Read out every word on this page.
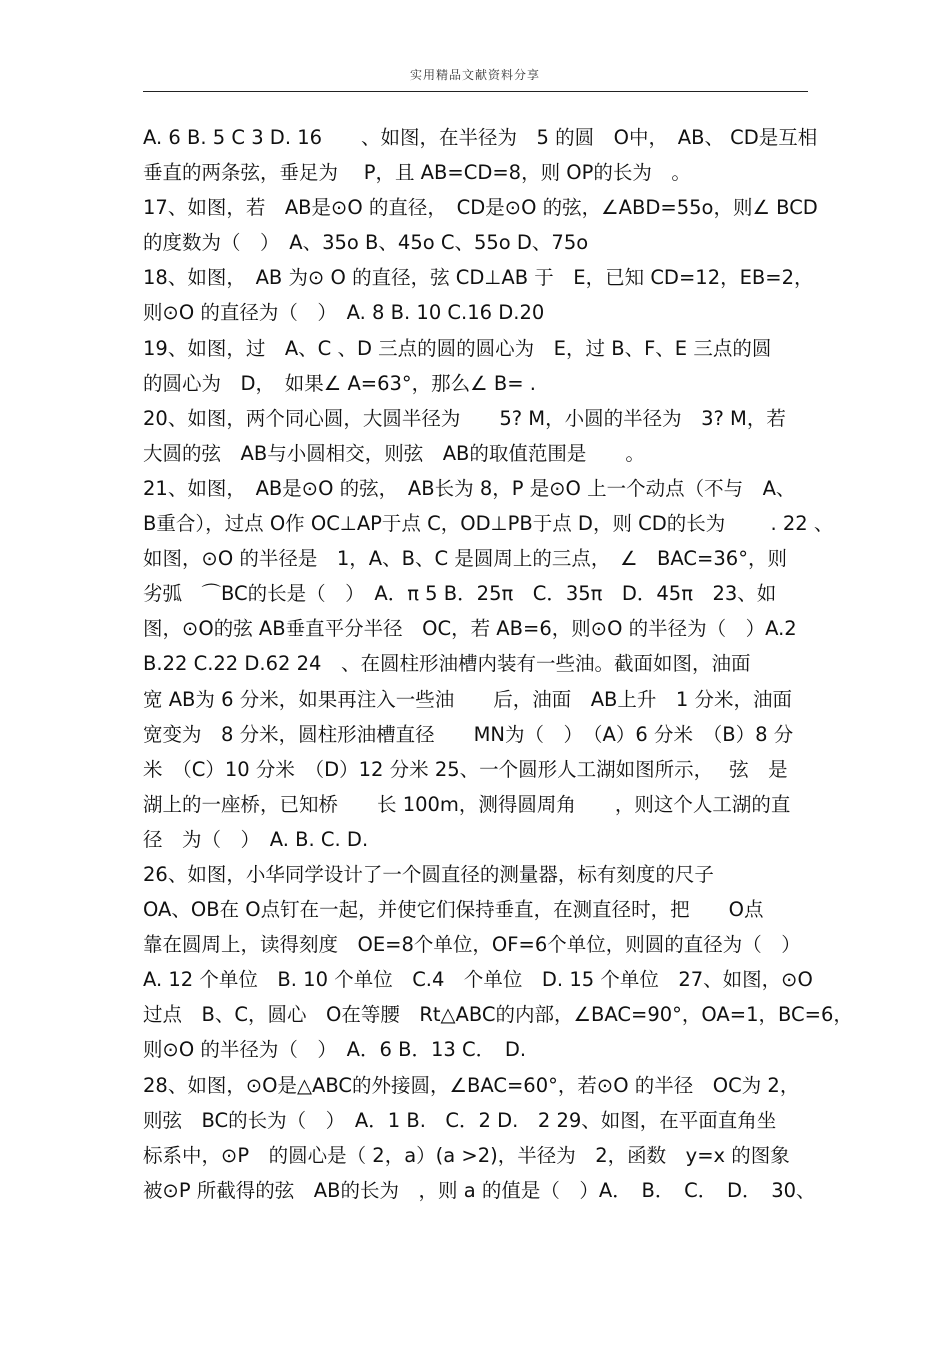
实用精品文献资料分享
A. 6 B. 5 C 3 D. 16　　、如图，在半径为　5 的圆　O中，　AB、 CD是互相
垂直的两条弦，垂足为　 P，且 AB=CD=8，则 OP的长为　。
17、如图，若　AB是⊙O 的直径，　CD是⊙O 的弦，∠ABD=55o，则∠ BCD
的度数为（　）　A、35o B、45o C、55o D、75o
18、如图，　AB 为⊙ O 的直径，弦 CD⊥AB 于　E，已知 CD=12，EB=2，
则⊙O 的直径为（　）　A. 8 B. 10 C.16 D.20
19、如图，过　A、C 、D 三点的圆的圆心为　E，过 B、F、E 三点的圆
的圆心为　D，　如果∠ A=63°，那么∠ B= .
20、如图，两个同心圆，大圆半径为　　5? M，小圆的半径为　3? M，若
大圆的弦　AB与小圆相交，则弦　AB的取值范围是　　。
21、如图，　AB是⊙O 的弦，　AB长为 8，P 是⊙O 上一个动点（不与　A、
B重合），过点 O作 OC⊥AP于点 C，OD⊥PB于点 D，则 CD的长为　　 . 22 、
如图，⊙O 的半径是　1，A、B、C 是圆周上的三点，　∠　BAC=36°，则
劣弧　⌒BC的长是（　）　A．π 5 B．25π　C．35π　D．45π　23、如
图，⊙O的弦 AB垂直平分半径　OC，若 AB=6，则⊙O 的半径为（　）A.2
B.22 C.22 D.62 24　、在圆柱形油槽内装有一些油。截面如图，油面
宽 AB为 6 分米，如果再注入一些油　　后，油面　AB上升　1 分米，油面
宽变为　8 分米，圆柱形油槽直径　　MN为（　）　（A）6 分米　（B）8 分
米　（C）10 分米　（D）12 分米 25、一个圆形人工湖如图所示，　 弦　是
湖上的一座桥，已知桥　　长 100m，测得圆周角　　，则这个人工湖的直
径　为（　）　A. B. C. D.
26、如图，小华同学设计了一个圆直径的测量器，标有刻度的尺子
OA、OB在 O点钉在一起，并使它们保持垂直，在测直径时，把　　O点
靠在圆周上，读得刻度　OE=8个单位，OF=6个单位，则圆的直径为（　）
A. 12 个单位　B. 10 个单位　C.4　个单位　D. 15 个单位　27、如图，⊙O
过点　B、C，圆心　O在等腰　Rt△ABC的内部，∠BAC=90°，OA=1，BC=6，
则⊙O 的半径为（　）　A．6 B．13 C．　D.
28、如图，⊙O是△ABC的外接圆，∠BAC=60°，若⊙O 的半径　OC为 2，
则弦　BC的长为（　）　A．1 B.　C．2 D.　2 29、如图，在平面直角坐
标系中，⊙P　的圆心是（ 2，a）(a >2)，半径为　2，函数　y=x 的图象
被⊙P 所截得的弦　AB的长为　，则 a 的值是（　）A．　B．　C．　D．　30、
